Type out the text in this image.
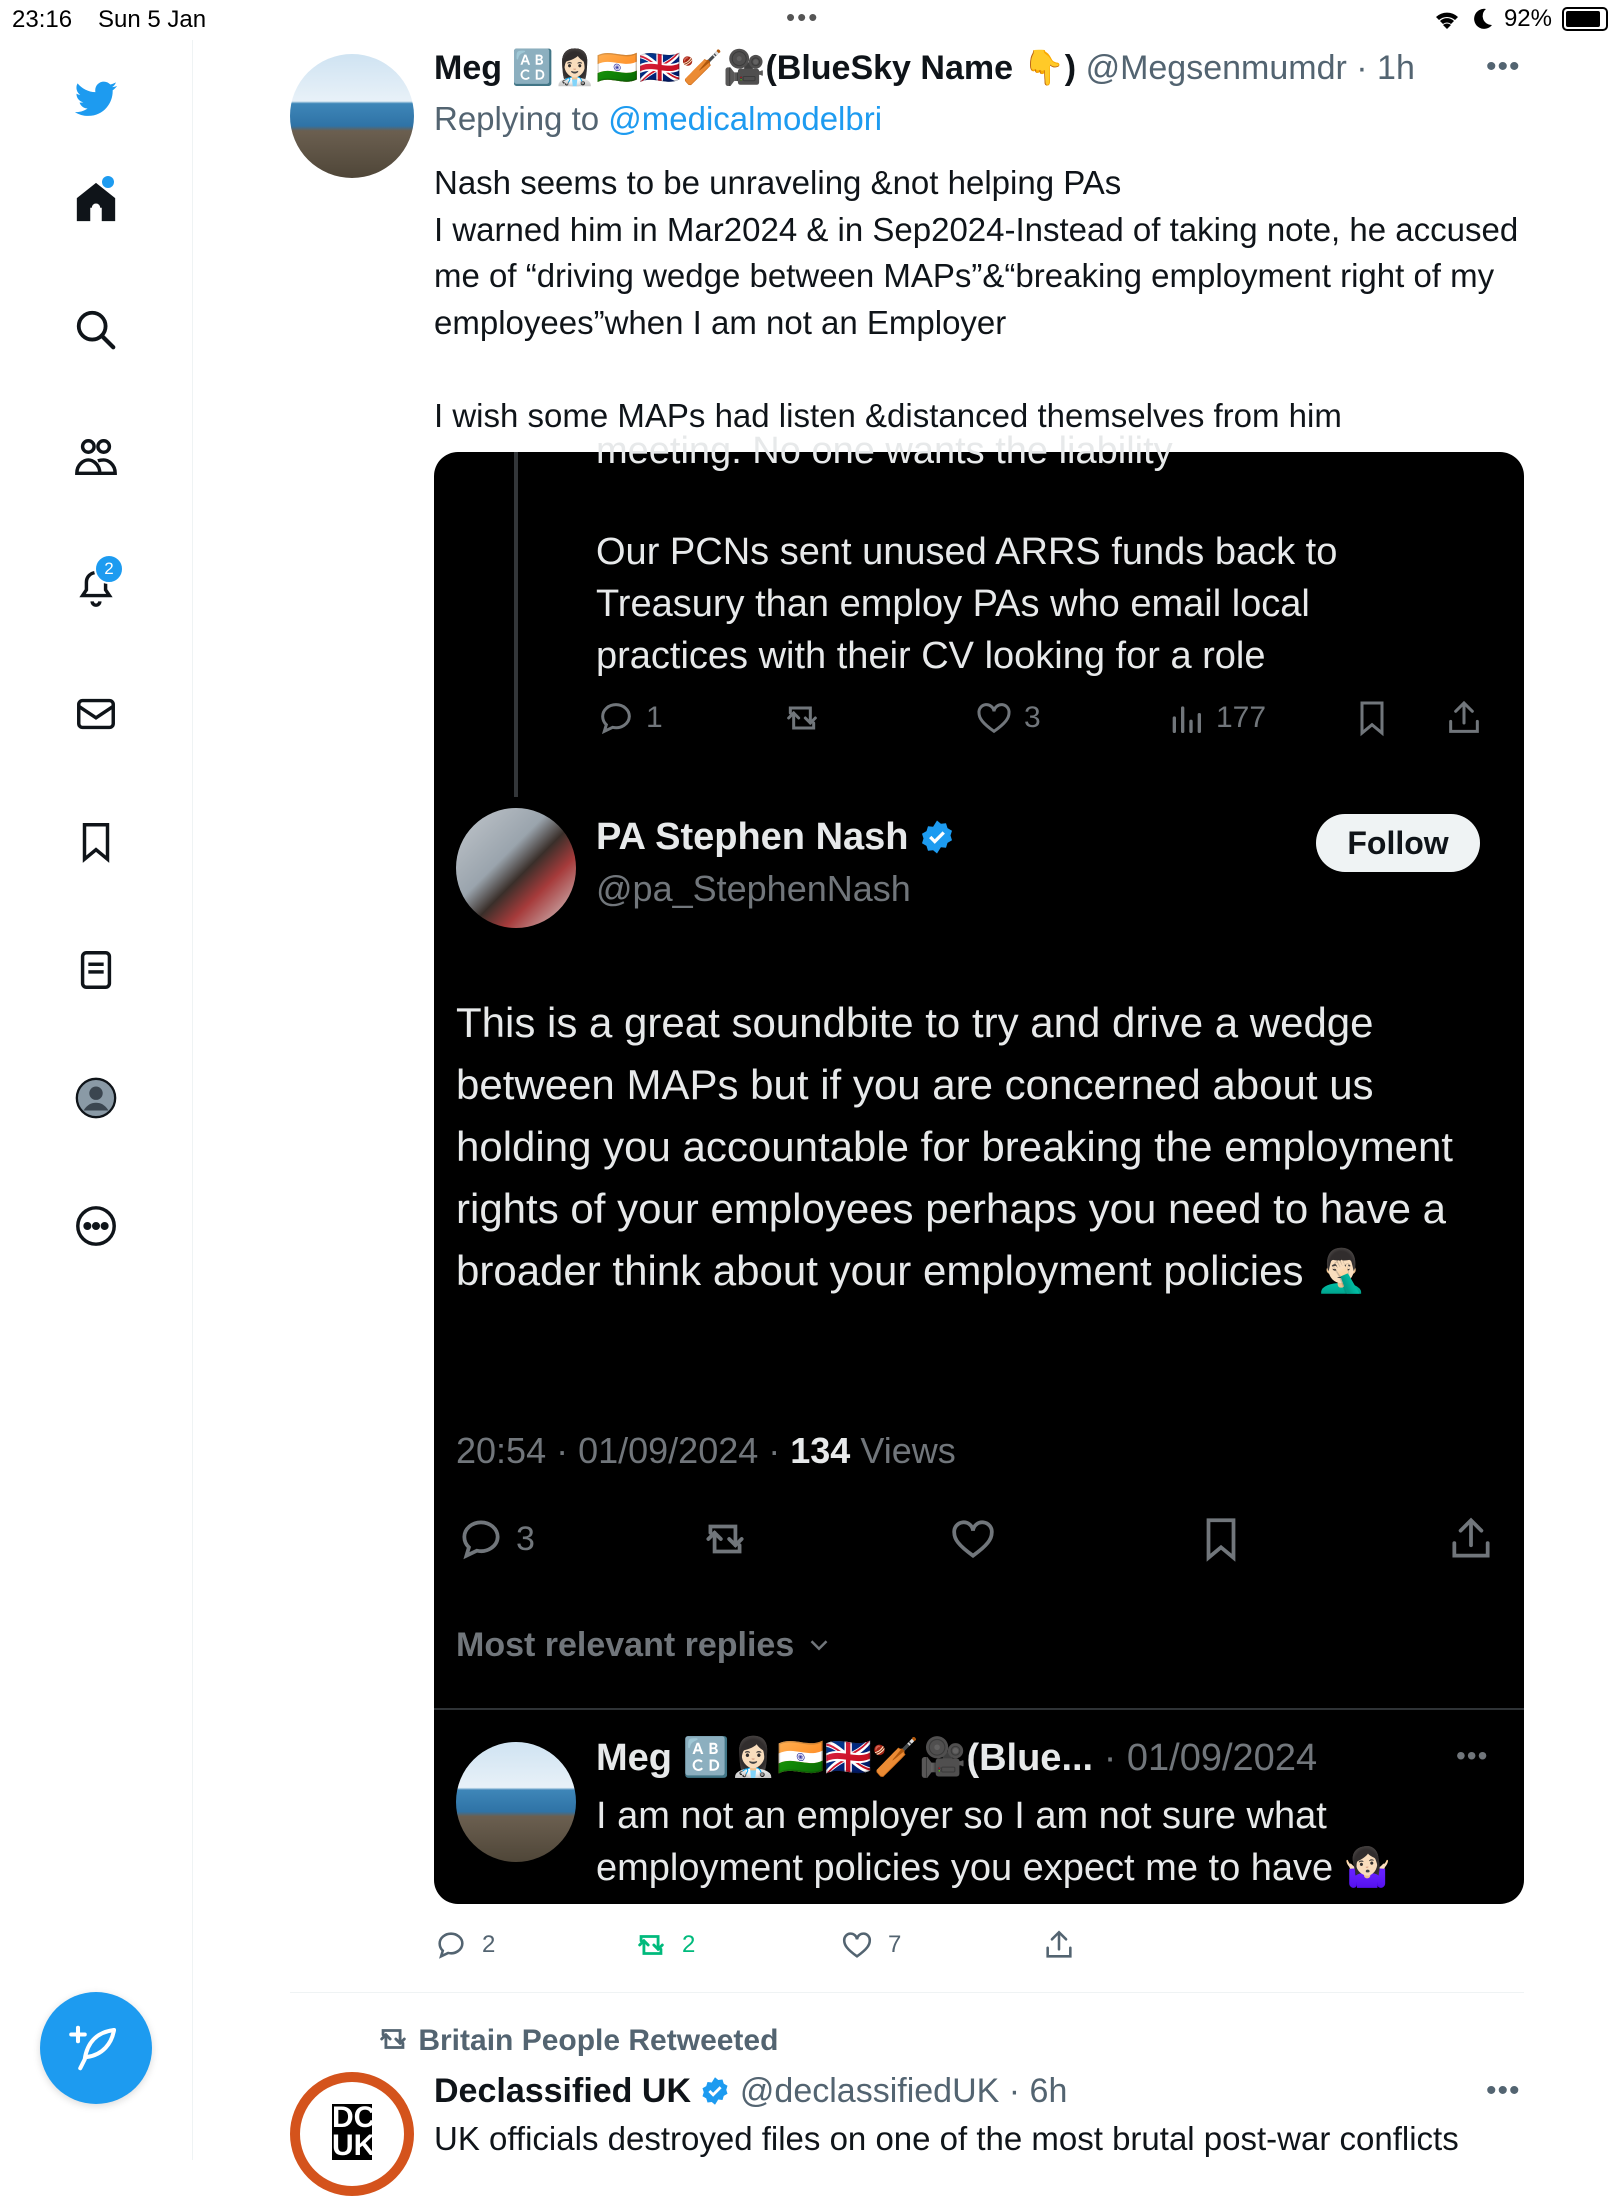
23:16 Sun 5 Jan	•••	92%
2
Meg 🔠👩🏻‍⚕️🇮🇳🇬🇧🏏🎥(BlueSky Name 👇) @Megsenmumdr · 1h •••
Replying to @medicalmodelbri
Nash seems to be unraveling &not helping PAs
I warned him in Mar2024 & in Sep2024-Instead of taking note, he accused me of “driving wedge between MAPs”&“breaking employment right of my employees”when I am not an Employer

I wish some MAPs had listen &distanced themselves from him
meeting. No one wants the liability
Our PCNs sent unused ARRS funds back to Treasury than employ PAs who email local practices with their CV looking for a role
1	3	177
PA Stephen Nash
@pa_StephenNash
Follow
This is a great soundbite to try and drive a wedge between MAPs but if you are concerned about us holding you accountable for breaking the employment rights of your employees perhaps you need to have a broader think about your employment policies 🤦🏻‍♂️
20:54 · 01/09/2024 · 134 Views
3
Most relevant replies
Meg 🔠👩🏻‍⚕️🇮🇳🇬🇧🏏🎥(Blue... · 01/09/2024	•••
I am not an employer so I am not sure what employment policies you expect me to have 🤷🏻‍♀️
2	2	7
Britain People Retweeted
DC UK
Declassified UK @declassifiedUK · 6h	•••
UK officials destroyed files on one of the most brutal post-war conflicts
